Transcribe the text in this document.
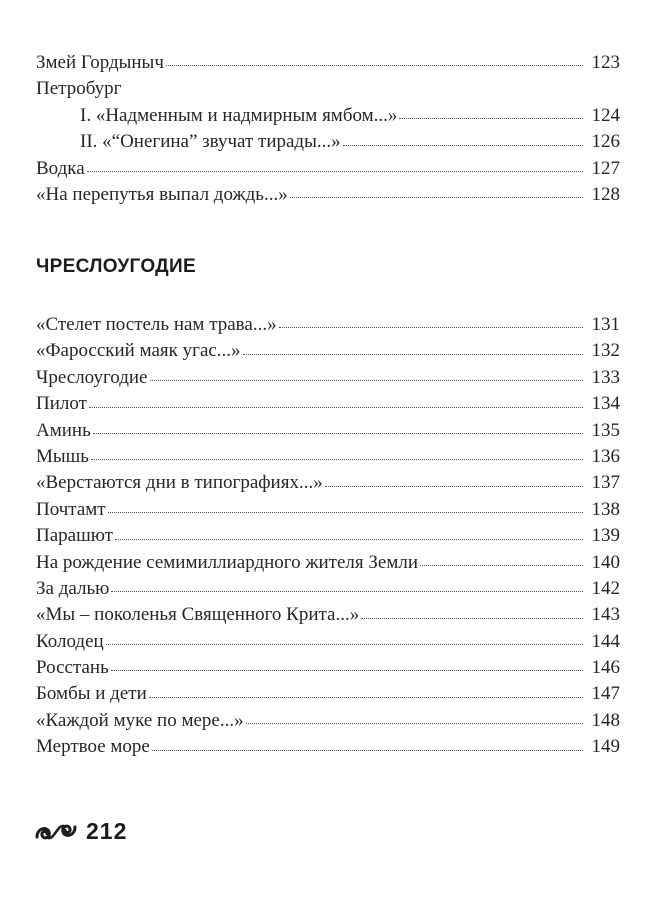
Змей Гордыныч	123
Петробург
I. «Надменным и надмирным ямбом...»	124
II. «“Онегина” звучат тирады...»	126
Водка	127
«На перепутья выпал дождь...»	128
ЧРЕСЛОУГОДИЕ
«Стелет постель нам трава...»	131
«Фаросский маяк угас...»	132
Чреслоугодие	133
Пилот	134
Аминь	135
Мышь	136
«Верстаются дни в типографиях...»	137
Почтамт	138
Парашют	139
На рождение семимиллиардного жителя Земли	140
За далью	142
«Мы – поколенья Священного Крита...»	143
Колодец	144
Росстань	146
Бомбы и дети	147
«Каждой муке по мере...»	148
Мертвое море	149
212
